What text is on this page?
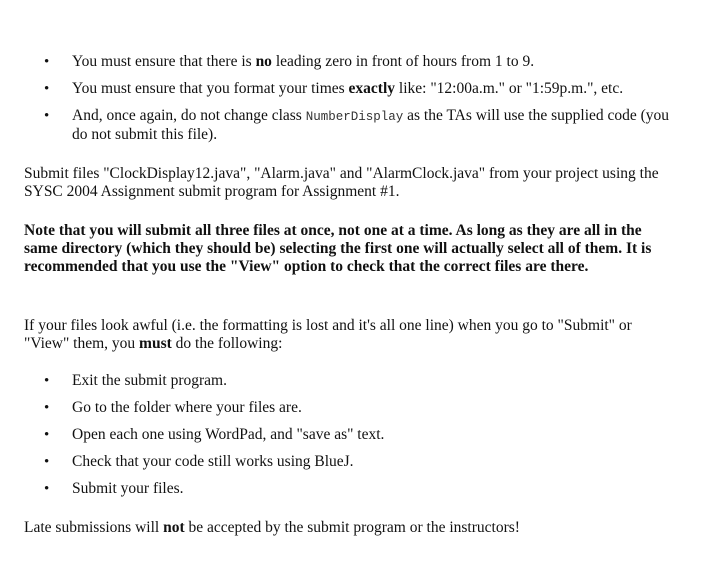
• You must ensure that there is no leading zero in front of hours from 1 to 9.
• You must ensure that you format your times exactly like: "12:00a.m." or "1:59p.m.", etc.
• And, once again, do not change class NumberDisplay as the TAs will use the supplied code (you do not submit this file).

Submit files "ClockDisplay12.java", "Alarm.java" and "AlarmClock.java" from your project using the SYSC 2004 Assignment submit program for Assignment #1.

Note that you will submit all three files at once, not one at a time. As long as they are all in the same directory (which they should be) selecting the first one will actually select all of them. It is recommended that you use the "View" option to check that the correct files are there.

If your files look awful (i.e. the formatting is lost and it's all one line) when you go to "Submit" or "View" them, you must do the following:

• Exit the submit program.
• Go to the folder where your files are.
• Open each one using WordPad, and "save as" text.
• Check that your code still works using BlueJ.
• Submit your files.

Late submissions will not be accepted by the submit program or the instructors!
